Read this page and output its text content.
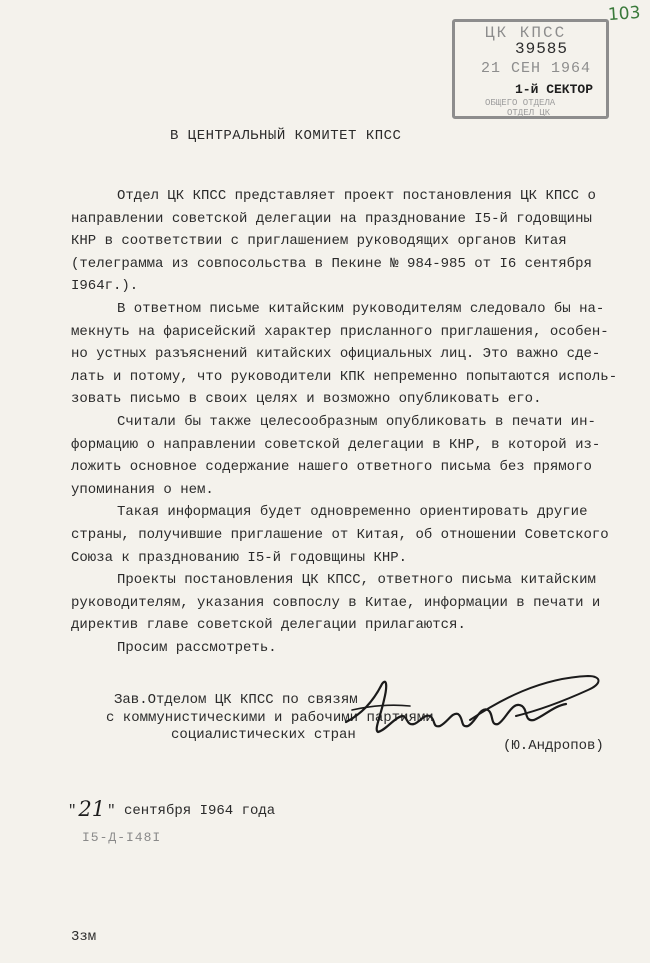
103
ЦК КПСС
39585
21 СЕН 1964
1-й СЕКТОР
ОБЩЕГО ОТДЕЛА
ОТДЕЛ ЦК
В ЦЕНТРАЛЬНЫЙ КОМИТЕТ КПСС
Отдел ЦК КПСС представляет проект постановления ЦК КПСС о
направлении советской делегации на празднование I5-й годовщины
КНР в соответствии с приглашением руководящих органов Китая
(телеграмма из совпосольства в Пекине № 984-985 от I6 сентября
I964г.).
В ответном письме китайским руководителям следовало бы на-
мекнуть на фарисейский характер присланного приглашения, особен-
но устных разъяснений китайских официальных лиц. Это важно сде-
лать и потому, что руководители КПК непременно попытаются исполь-
зовать письмо в своих целях и возможно опубликовать его.
Считали бы также целесообразным опубликовать в печати ин-
формацию о направлении советской делегации в КНР, в которой из-
ложить основное содержание нашего ответного письма без прямого
упоминания о нем.
Такая информация будет одновременно ориентировать другие
страны, получившие приглашение от Китая, об отношении Советского
Союза к празднованию I5-й годовщины КНР.
Проекты постановления ЦК КПСС, ответного письма китайским
руководителям, указания совпослу в Китае, информации в печати и
директив главе советской делегации прилагаются.
Просим рассмотреть.
Зав.Отделом ЦК КПСС по связям
с коммунистическими и рабочими партиями
социалистических стран
(Ю.Андропов)
"21 " сентября I964 года
I5-Д-I48I
3зм
